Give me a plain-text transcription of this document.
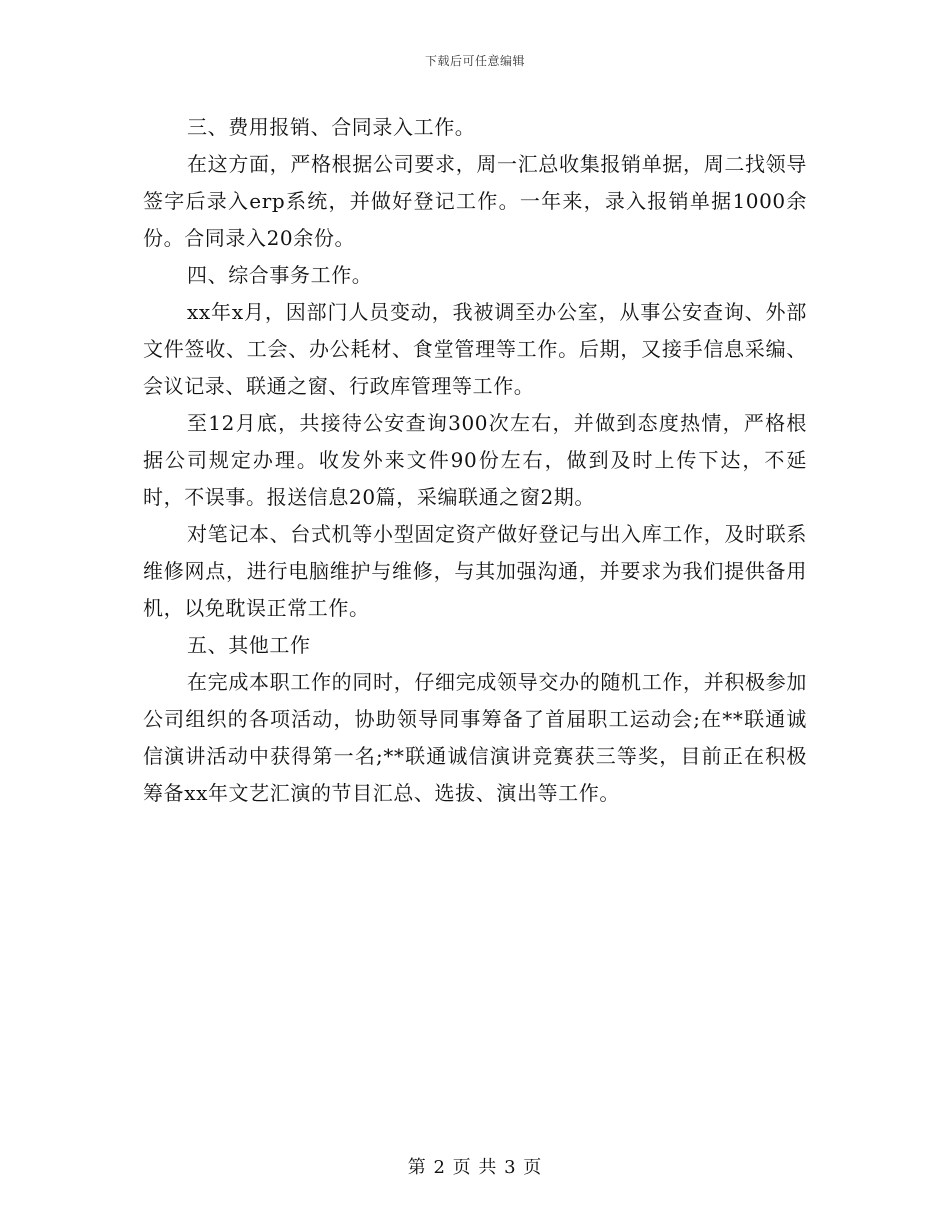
下载后可任意编辑

三、费用报销、合同录入工作。

在这方面，严格根据公司要求，周一汇总收集报销单据，周二找领导签字后录入erp系统，并做好登记工作。一年来，录入报销单据1000余份。合同录入20余份。

四、综合事务工作。

xx年x月，因部门人员变动，我被调至办公室，从事公安查询、外部文件签收、工会、办公耗材、食堂管理等工作。后期，又接手信息采编、会议记录、联通之窗、行政库管理等工作。

至12月底，共接待公安查询300次左右，并做到态度热情，严格根据公司规定办理。收发外来文件90份左右，做到及时上传下达，不延时，不误事。报送信息20篇，采编联通之窗2期。

对笔记本、台式机等小型固定资产做好登记与出入库工作，及时联系维修网点，进行电脑维护与维修，与其加强沟通，并要求为我们提供备用机，以免耽误正常工作。

五、其他工作

在完成本职工作的同时，仔细完成领导交办的随机工作，并积极参加公司组织的各项活动，协助领导同事筹备了首届职工运动会;在**联通诚信演讲活动中获得第一名;**联通诚信演讲竞赛获三等奖，目前正在积极筹备xx年文艺汇演的节目汇总、选拔、演出等工作。

第 2 页 共 3 页
